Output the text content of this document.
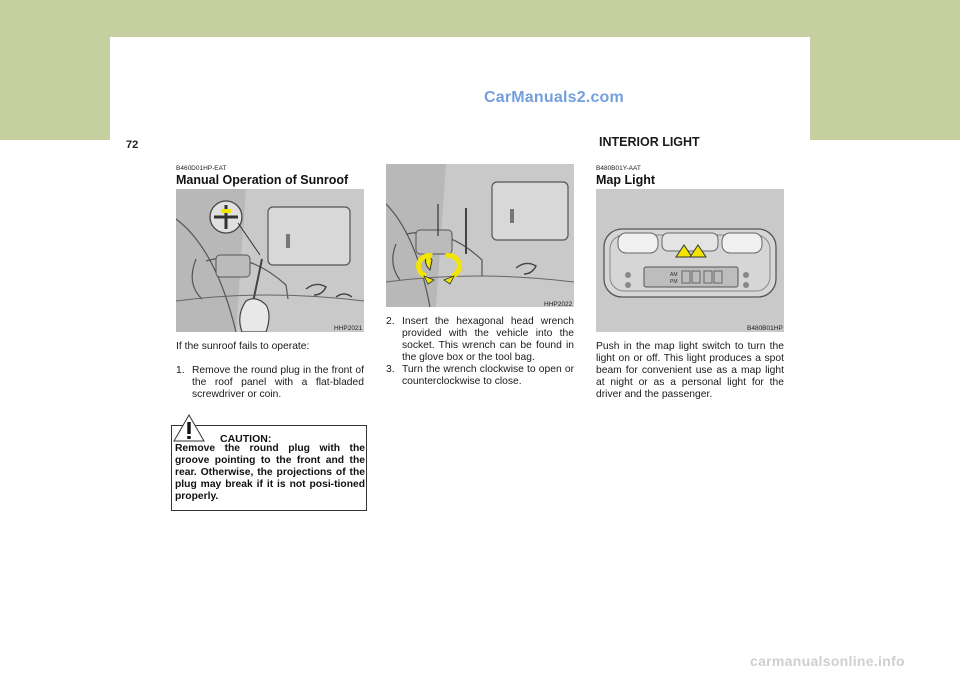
CarManuals2.com
1 CONTROLS AND EQUIPMENT
72	INTERIOR LIGHT
B460D01HP-EAT
Manual Operation of Sunroof
HHP2021
If the sunroof fails to operate:

1. Remove the round plug in the front of the roof panel with a flat-bladed screwdriver or coin.

CAUTION:
Remove the round plug with the groove pointing to the front and the rear. Otherwise, the projections of the plug may break if it is not posi-tioned properly.
HHP2022

2. Insert the hexagonal head wrench provided with the vehicle into the socket. This wrench can be found in the glove box or the tool bag.

3. Turn the wrench clockwise to open or counterclockwise to close.

B480B01Y-AAT
Map Light
AM
PM
B480B01HP
Push in the map light switch to turn the light on or off. This light produces a spot beam for convenient use as a map light at night or as a personal light for the driver and the passenger.
carmanualsonline.info
